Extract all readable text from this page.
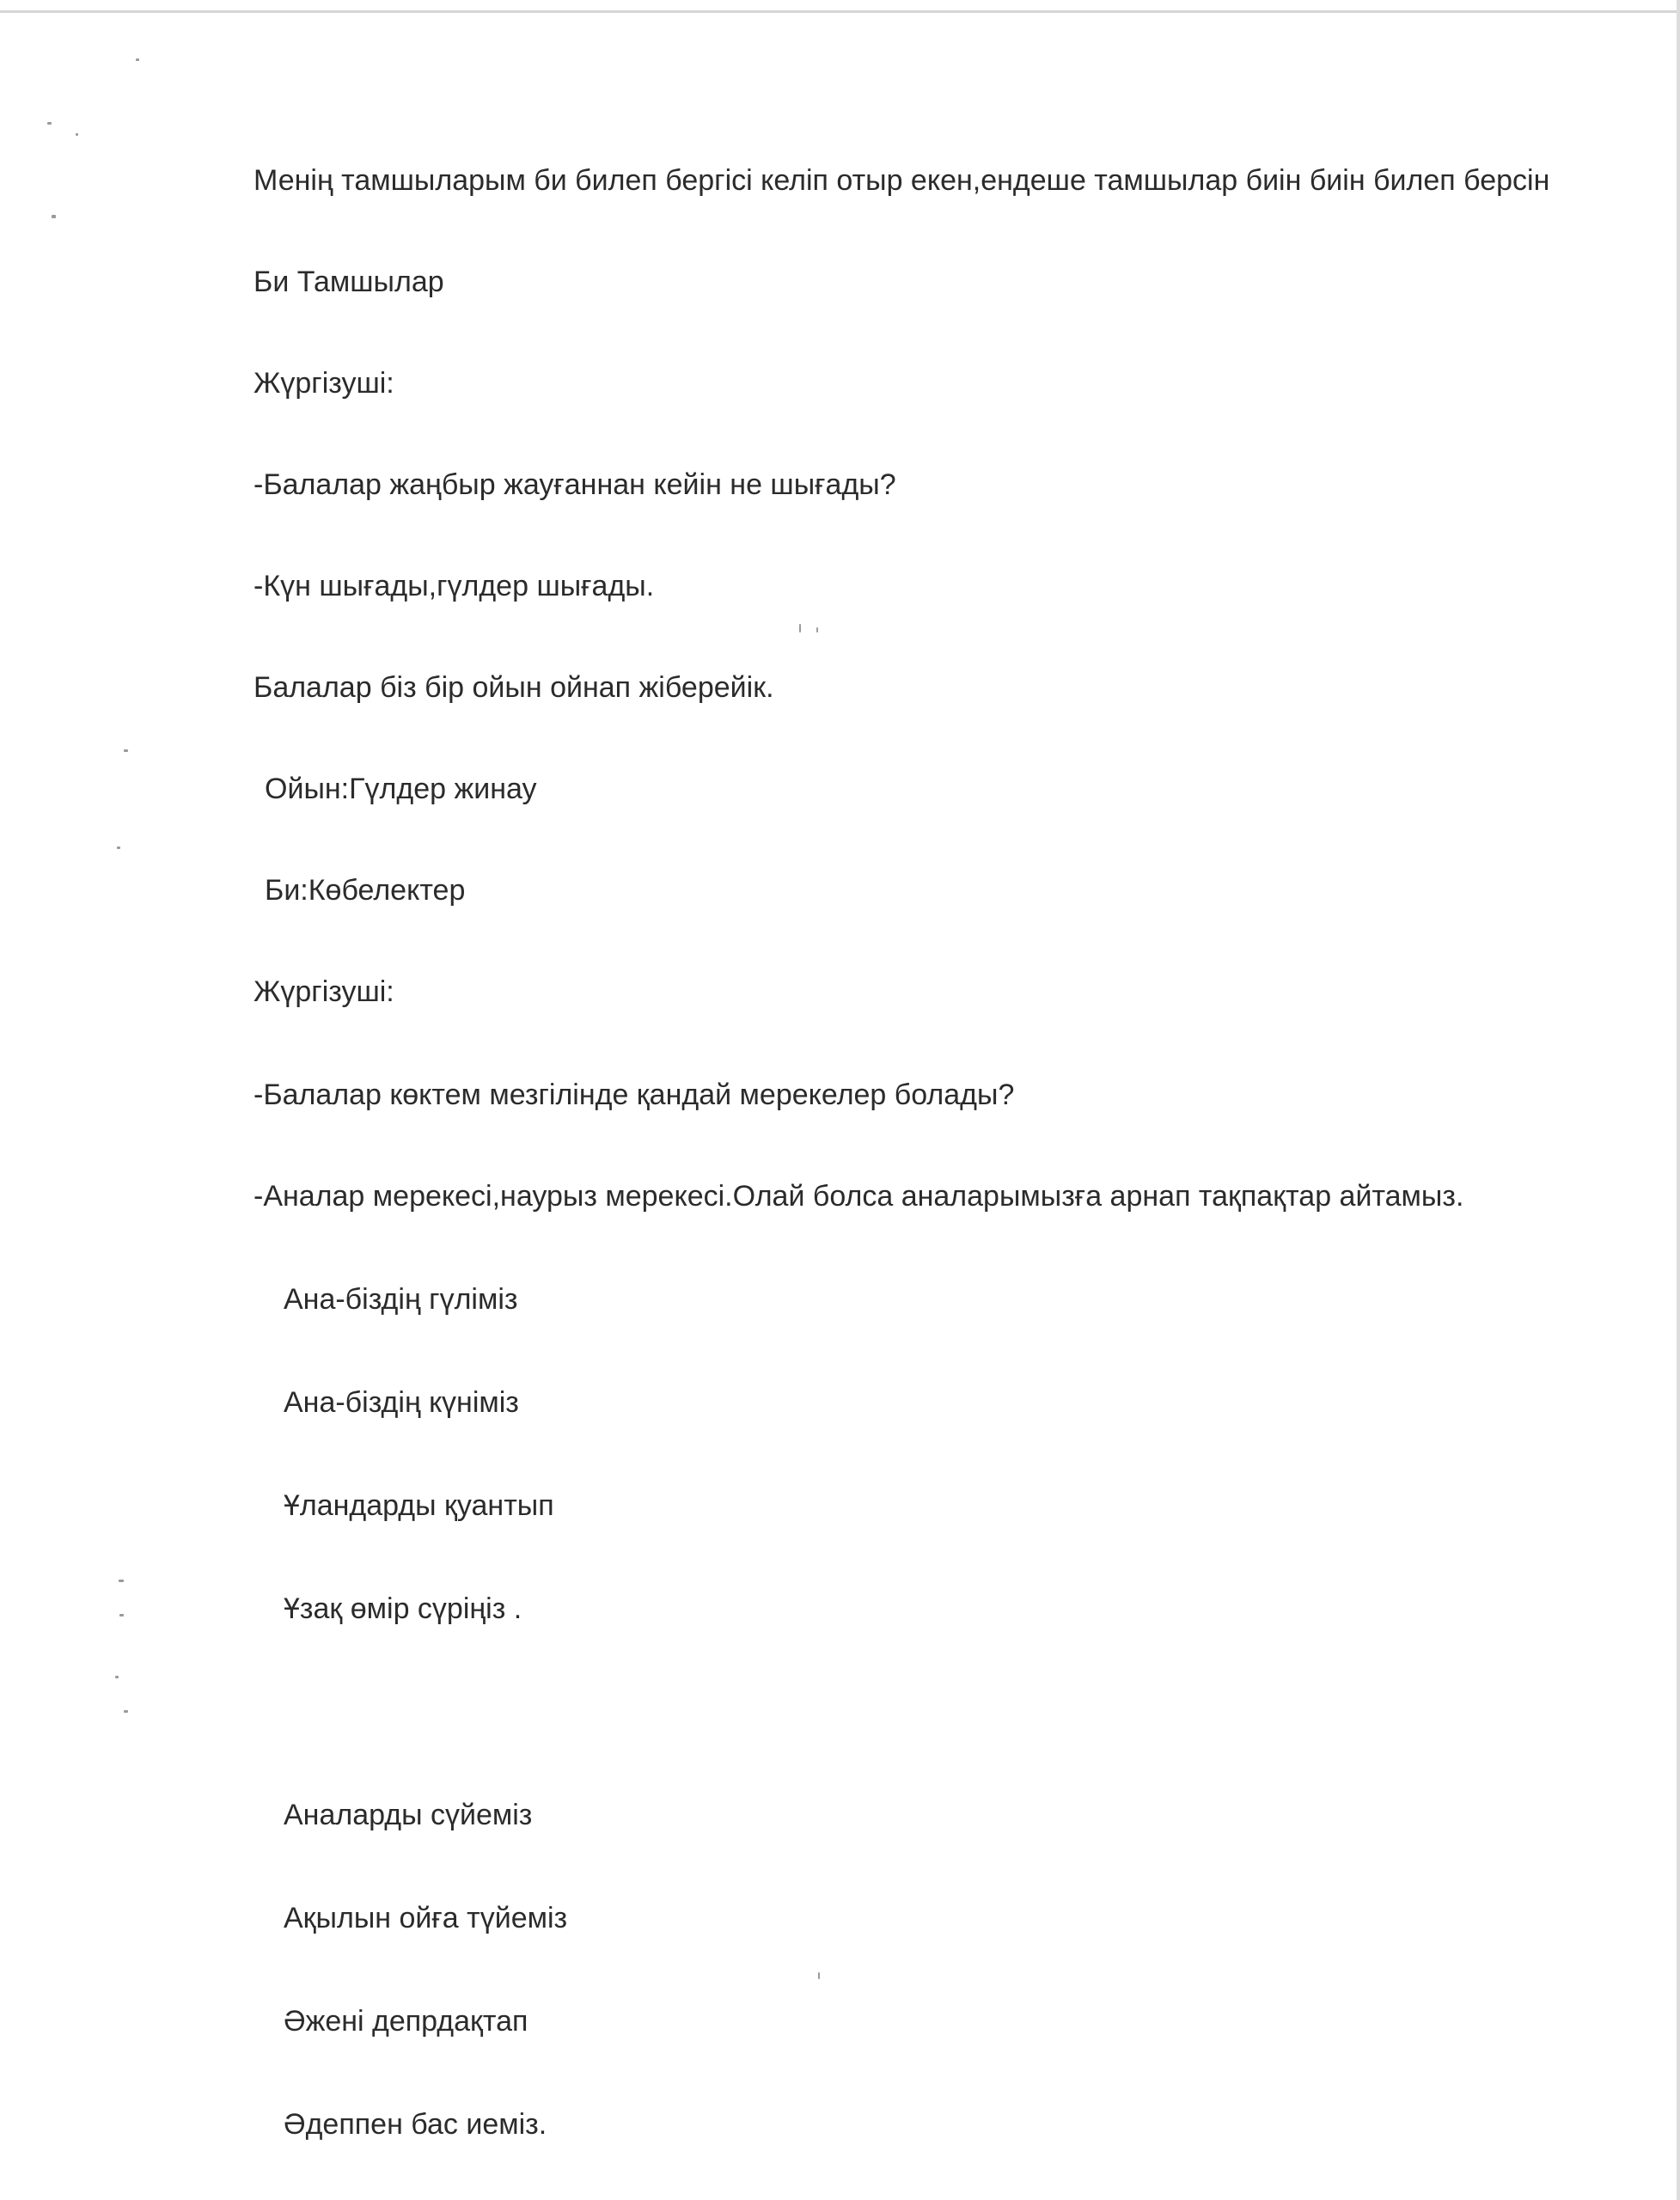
Менің тамшыларым би билеп бергісі келіп отыр екен,ендеше тамшылар биін биін билеп берсін

Би Тамшылар

Жүргізуші:

-Балалар жаңбыр жауғаннан кейін не шығады?

-Күн шығады,гүлдер шығады.

Балалар біз бір ойын ойнап жіберейік.

Ойын:Гүлдер жинау

Би:Көбелектер

Жүргізуші:

-Балалар көктем мезгілінде қандай мерекелер болады?

-Аналар мерекесі,наурыз мерекесі.Олай болса аналарымызға арнап тақпақтар айтамыз.

Ана-біздің гүліміз

Ана-біздің күніміз

Ұландарды қуантып

Ұзақ өмір сүріңіз .

Аналарды сүйеміз

Ақылын ойға түйеміз

Әжені депрдақтап

Әдеппен бас иеміз.
